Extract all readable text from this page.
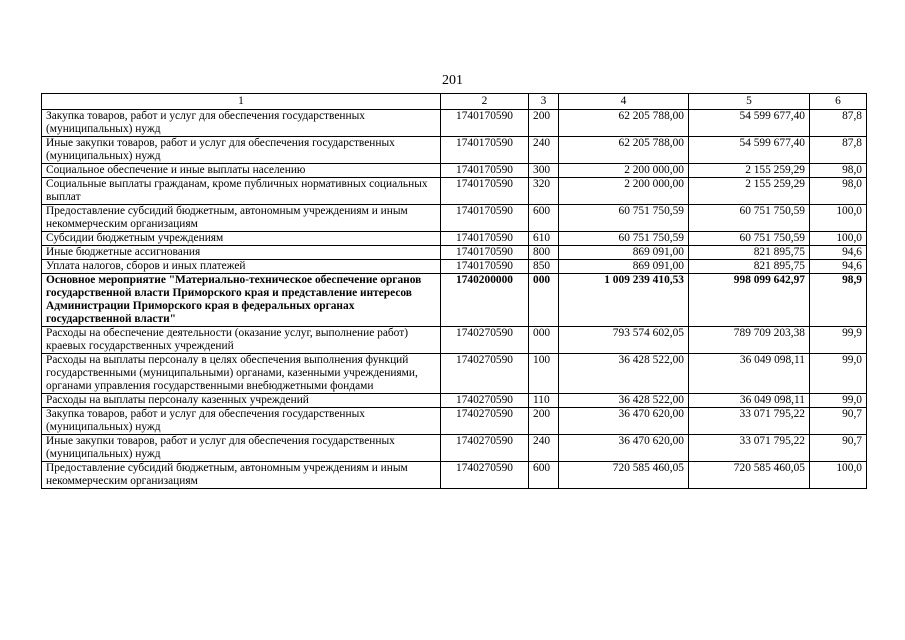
201
1	2	3	4	5	6
Закупка товаров, работ и услуг для обеспечения государственных (муниципальных) нужд	1740170590	200	62 205 788,00	54 599 677,40	87,8
Иные закупки товаров, работ и услуг для обеспечения государственных (муниципальных) нужд	1740170590	240	62 205 788,00	54 599 677,40	87,8
Социальное обеспечение и иные выплаты населению	1740170590	300	2 200 000,00	2 155 259,29	98,0
Социальные выплаты гражданам, кроме публичных нормативных социальных выплат	1740170590	320	2 200 000,00	2 155 259,29	98,0
Предоставление субсидий бюджетным, автономным учреждениям и иным некоммерческим организациям	1740170590	600	60 751 750,59	60 751 750,59	100,0
Субсидии бюджетным учреждениям	1740170590	610	60 751 750,59	60 751 750,59	100,0
Иные бюджетные ассигнования	1740170590	800	869 091,00	821 895,75	94,6
Уплата налогов, сборов и иных платежей	1740170590	850	869 091,00	821 895,75	94,6
Основное мероприятие "Материально-техническое обеспечение органов государственной власти Приморского края и представление интересов Администрации Приморского края в федеральных органах государственной власти"	1740200000	000	1 009 239 410,53	998 099 642,97	98,9
Расходы на обеспечение деятельности (оказание услуг, выполнение работ) краевых государственных учреждений	1740270590	000	793 574 602,05	789 709 203,38	99,9
Расходы на выплаты персоналу в целях обеспечения выполнения функций государственными (муниципальными) органами, казенными учреждениями, органами управления государственными внебюджетными фондами	1740270590	100	36 428 522,00	36 049 098,11	99,0
Расходы на выплаты персоналу казенных учреждений	1740270590	110	36 428 522,00	36 049 098,11	99,0
Закупка товаров, работ и услуг для обеспечения государственных (муниципальных) нужд	1740270590	200	36 470 620,00	33 071 795,22	90,7
Иные закупки товаров, работ и услуг для обеспечения государственных (муниципальных) нужд	1740270590	240	36 470 620,00	33 071 795,22	90,7
Предоставление субсидий бюджетным, автономным учреждениям и иным некоммерческим организациям	1740270590	600	720 585 460,05	720 585 460,05	100,0
